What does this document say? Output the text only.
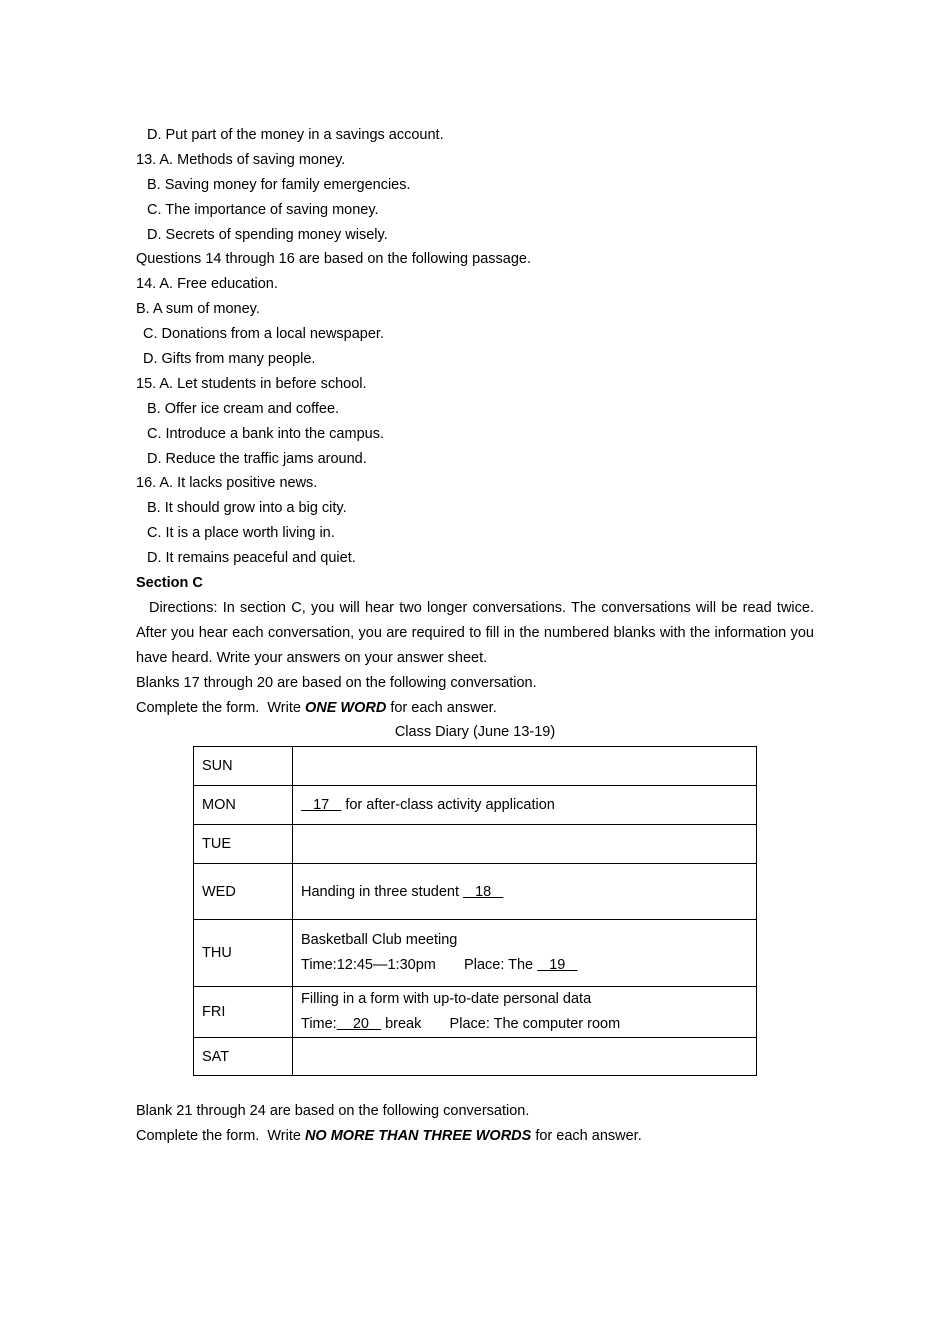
D. Put part of the money in a savings account.
13. A. Methods of saving money.
B. Saving money for family emergencies.
C. The importance of saving money.
D. Secrets of spending money wisely.
Questions 14 through 16 are based on the following passage.
14. A. Free education.
B. A sum of money.
C. Donations from a local newspaper.
D. Gifts from many people.
15. A. Let students in before school.
B. Offer ice cream and coffee.
C. Introduce a bank into the campus.
D. Reduce the traffic jams around.
16. A. It lacks positive news.
B. It should grow into a big city.
C. It is a place worth living in.
D. It remains peaceful and quiet.
Section C
Directions: In section C, you will hear two longer conversations. The conversations will be read twice. After you hear each conversation, you are required to fill in the numbered blanks with the information you have heard. Write your answers on your answer sheet.
Blanks 17 through 20 are based on the following conversation.
Complete the form.  Write ONE WORD for each answer.
Class Diary (June 13-19)
SUN	
MON	17    for after-class activity application
TUE	
WED	Handing in three student    18
THU	Basketball Club meeting
Time:12:45—1:30pm       Place: The    19

FRI	Filling in a form with up-to-date personal data
Time:    20    break       Place: The computer room

SAT	
Blank 21 through 24 are based on the following conversation.
Complete the form.  Write NO MORE THAN THREE WORDS for each answer.
